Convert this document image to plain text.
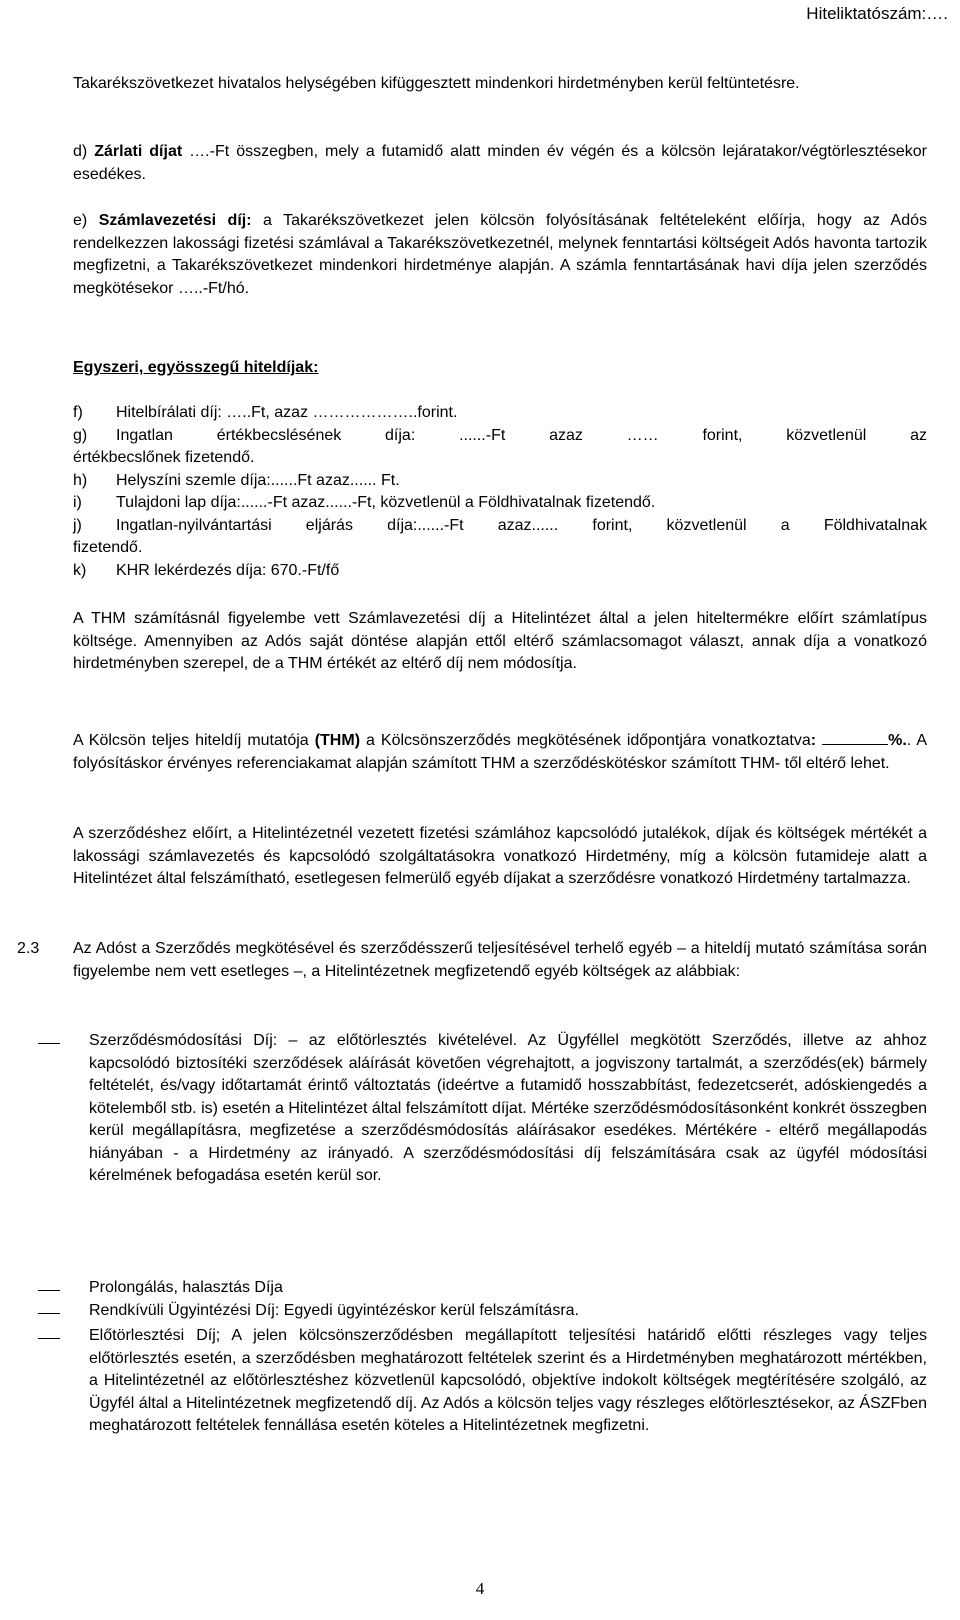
Hiteliktatószám:….

Takarékszövetkezet hivatalos helységében kifüggesztett mindenkori hirdetményben kerül feltüntetésre.

d) Zárlati díjat ….-Ft összegben, mely a futamidő alatt minden év végén és a kölcsön lejáratakor/végtörlesztésekor esedékes.

e) Számlavezetési díj: a Takarékszövetkezet jelen kölcsön folyósításának feltételeként előírja, hogy az Adós rendelkezzen lakossági fizetési számlával a Takarékszövetkezetnél, melynek fenntartási költségeit Adós havonta tartozik megfizetni, a Takarékszövetkezet mindenkori hirdetménye alapján. A számla fenntartásának havi díja jelen szerződés megkötésekor …..-Ft/hó.

Egyszeri, egyösszegű hiteldíjak:

f)	Hitelbírálati díj: …..Ft, azaz ………………..forint.
g)	Ingatlan értékbecslésének díja: ......-Ft azaz …… forint, közvetlenül az
értékbecslőnek fizetendő.
h)	Helyszíni szemle díja:......Ft azaz...... Ft.
i)	Tulajdoni lap díja:......-Ft azaz......-Ft, közvetlenül a Földhivatalnak fizetendő.
j)	Ingatlan-nyilvántartási eljárás díja:......-Ft azaz...... forint, közvetlenül a Földhivatalnak
fizetendő.
k)	KHR lekérdezés díja: 670.-Ft/fő

A THM számításnál figyelembe vett Számlavezetési díj a Hitelintézet által a jelen hiteltermékre előírt számlatípus költsége. Amennyiben az Adós saját döntése alapján ettől eltérő számlacsomagot választ, annak díja a vonatkozó hirdetményben szerepel, de a THM értékét az eltérő díj nem módosítja.

A Kölcsön teljes hiteldíj mutatója (THM) a Kölcsönszerződés megkötésének időpontjára vonatkoztatva:	%.. A folyósításkor érvényes referenciakamat alapján számított THM a szerződéskötéskor számított THM- től eltérő lehet.

A szerződéshez előírt, a Hitelintézetnél vezetett fizetési számlához kapcsolódó jutalékok, díjak és költségek mértékét a lakossági számlavezetés és kapcsolódó szolgáltatásokra vonatkozó Hirdetmény, míg a kölcsön futamideje alatt a Hitelintézet által felszámítható, esetlegesen felmerülő egyéb díjakat a szerződésre vonatkozó Hirdetmény tartalmazza.

2.3 Az Adóst a Szerződés megkötésével és szerződésszerű teljesítésével terhelő egyéb – a hiteldíj mutató számítása során figyelembe nem vett esetleges –, a Hitelintézetnek megfizetendő egyéb költségek az alábbiak:

Szerződésmódosítási Díj: – az előtörlesztés kivételével. Az Ügyféllel megkötött Szerződés, illetve az ahhoz kapcsolódó biztosítéki szerződések aláírását követően végrehajtott, a jogviszony tartalmát, a szerződés(ek) bármely feltételét, és/vagy időtartamát érintő változtatás (ideértve a futamidő hosszabbítást, fedezetcserét, adóskiengedés a kötelemből stb. is) esetén a Hitelintézet által felszámított díjat. Mértéke szerződésmódosításonként konkrét összegben kerül megállapításra, megfizetése a szerződésmódosítás aláírásakor esedékes. Mértékére - eltérő megállapodás hiányában - a Hirdetmény az irányadó. A szerződésmódosítási díj felszámítására csak az ügyfél módosítási kérelmének befogadása esetén kerül sor.

Prolongálás, halasztás Díja

Rendkívüli Ügyintézési Díj: Egyedi ügyintézéskor kerül felszámításra.

Előtörlesztési Díj; A jelen kölcsönszerződésben megállapított teljesítési határidő előtti részleges vagy teljes előtörlesztés esetén, a szerződésben meghatározott feltételek szerint és a Hirdetményben meghatározott mértékben, a Hitelintézetnél az előtörlesztéshez közvetlenül kapcsolódó, objektíve indokolt költségek megtérítésére szolgáló, az Ügyfél által a Hitelintézetnek megfizetendő díj. Az Adós a kölcsön teljes vagy részleges előtörlesztésekor, az ÁSZFben meghatározott feltételek fennállása esetén köteles a Hitelintézetnek megfizetni.

4
